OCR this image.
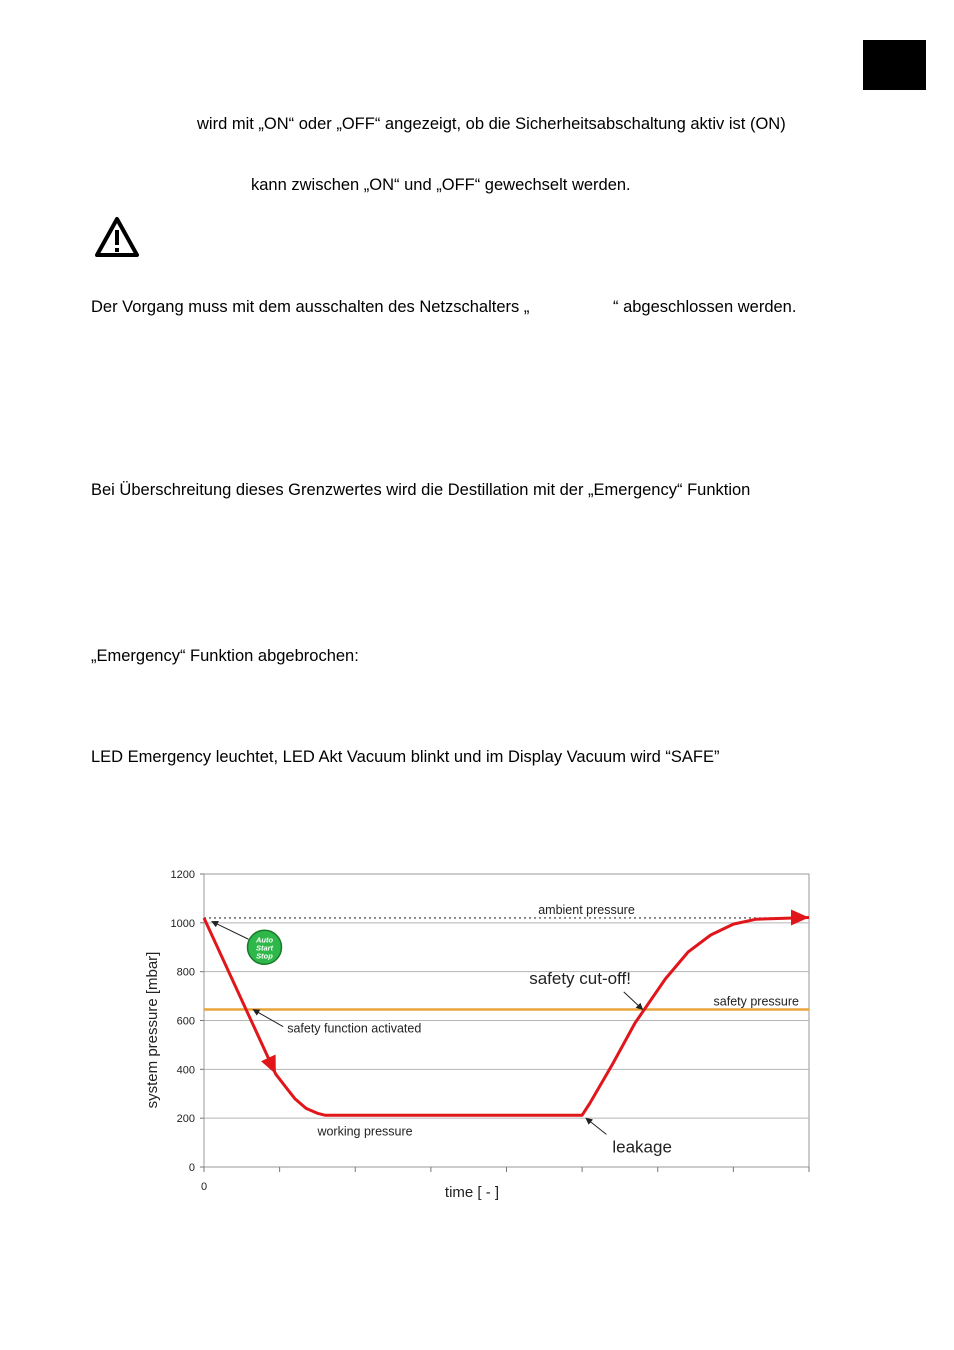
wird mit „ON“ oder „OFF“ angezeigt, ob die Sicherheitsabschaltung aktiv ist (ON)
kann zwischen „ON“ und „OFF“ gewechselt werden.
Der Vorgang muss mit dem ausschalten des Netzschalters „	“ abgeschlossen werden.
Bei Überschreitung dieses Grenzwertes wird die Destillation mit der „Emergency“ Funktion
„Emergency“ Funktion abgebrochen:
LED Emergency leuchtet, LED Akt Vacuum blinkt und im Display Vacuum wird “SAFE”
0
200
400
600
800
1000
1200
ambient pressure
safety pressure
safety function activated
working pressure
safety cut-off!
leakage
Auto
Start
Stop
system pressure [mbar]
time [ - ]
0
